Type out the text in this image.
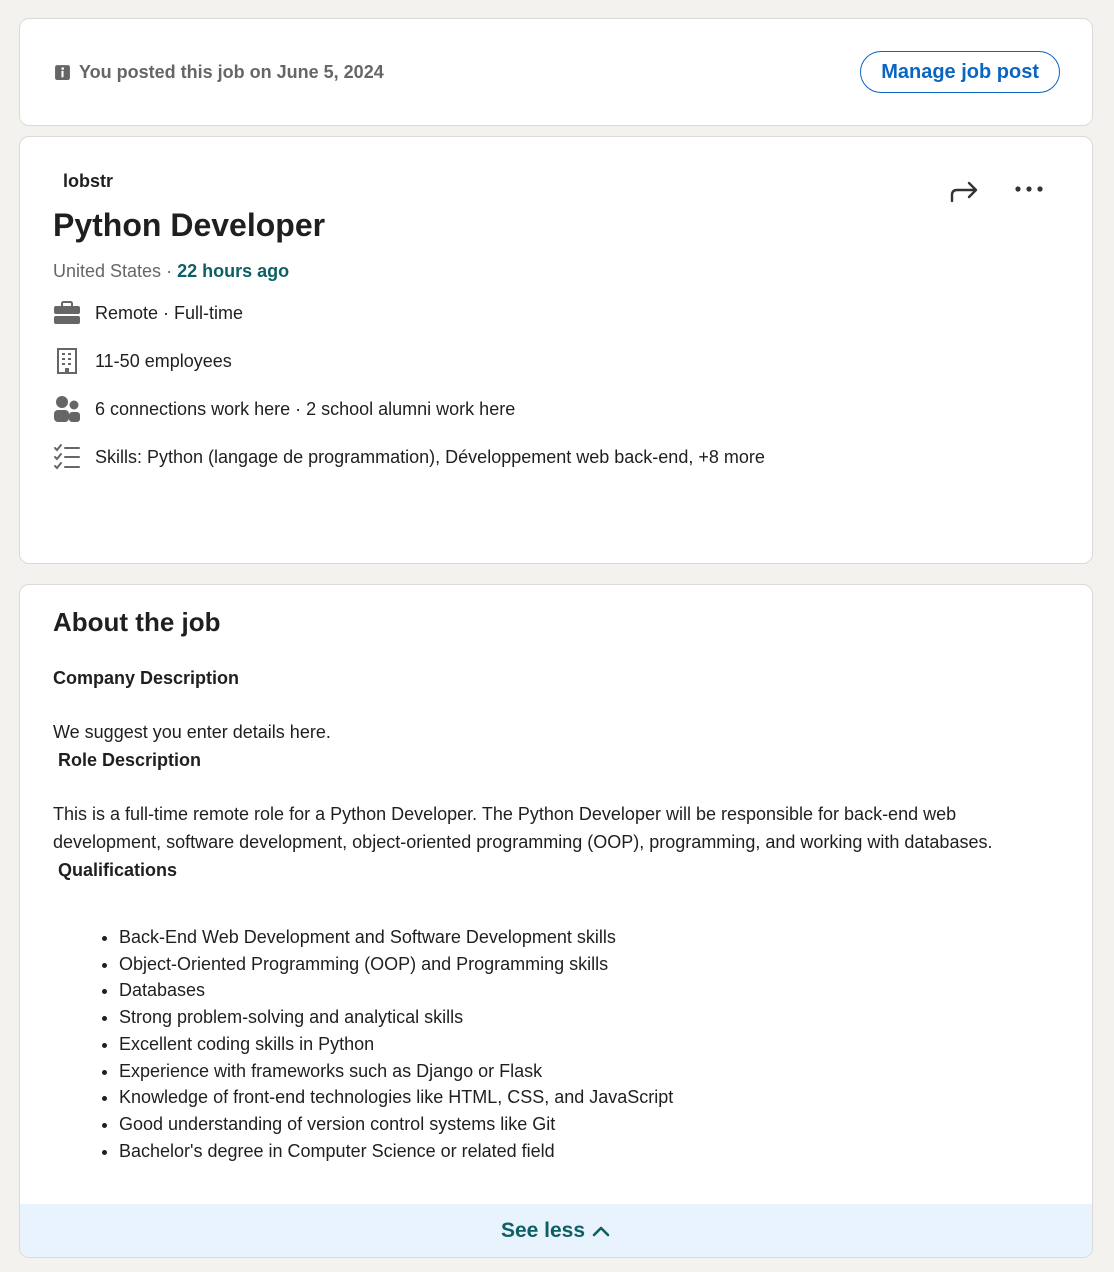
You posted this job on June 5, 2024	Manage job post
lobstr
Python Developer
United States · 22 hours ago
Remote · Full-time
11-50 employees
6 connections work here · 2 school alumni work here
Skills: Python (langage de programmation), Développement web back-end, +8 more
About the job

Company Description

We suggest you enter details here.

Role Description

This is a full-time remote role for a Python Developer. The Python Developer will be responsible for back-end web development, software development, object-oriented programming (OOP), programming, and working with databases.

Qualifications

• Back-End Web Development and Software Development skills
• Object-Oriented Programming (OOP) and Programming skills
• Databases
• Strong problem-solving and analytical skills
• Excellent coding skills in Python
• Experience with frameworks such as Django or Flask
• Knowledge of front-end technologies like HTML, CSS, and JavaScript
• Good understanding of version control systems like Git
• Bachelor's degree in Computer Science or related field
See less
